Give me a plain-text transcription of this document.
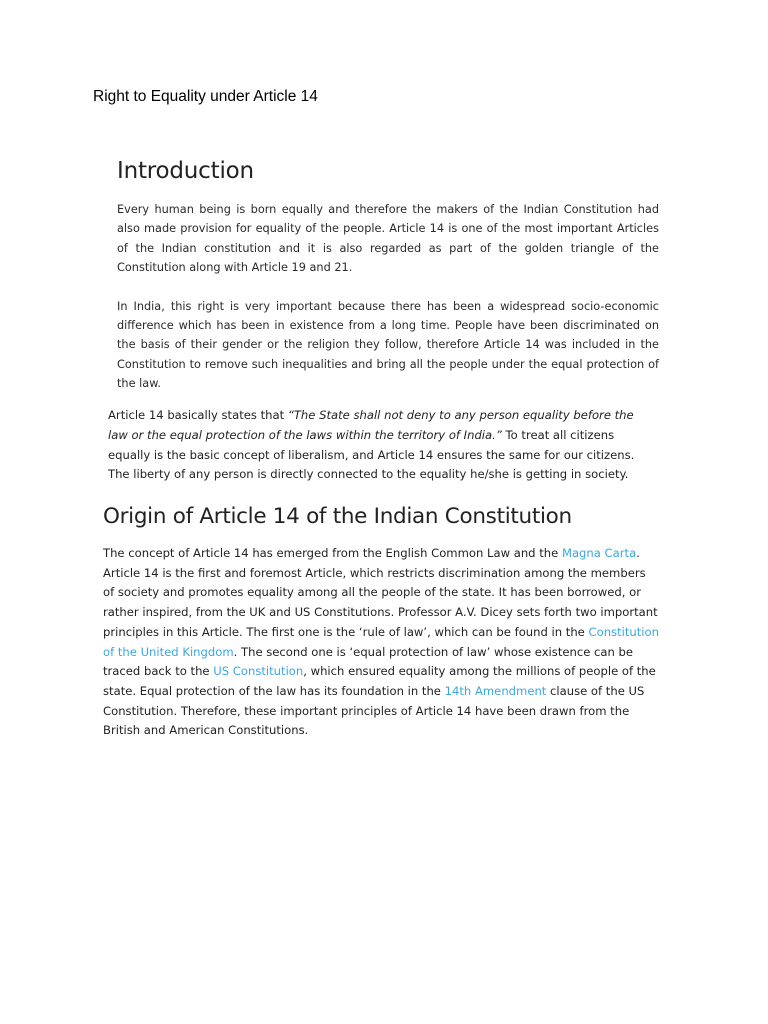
Right to Equality under Article 14
Introduction

Every human being is born equally and therefore the makers of the Indian Constitution had also made provision for equality of the people. Article 14 is one of the most important Articles of the Indian constitution and it is also regarded as part of the golden triangle of the Constitution along with Article 19 and 21.

In India, this right is very important because there has been a widespread socio-economic difference which has been in existence from a long time. People have been discriminated on the basis of their gender or the religion they follow, therefore Article 14 was included in the Constitution to remove such inequalities and bring all the people under the equal protection of the law.

Article 14 basically states that “The State shall not deny to any person equality before the law or the equal protection of the laws within the territory of India.” To treat all citizens equally is the basic concept of liberalism, and Article 14 ensures the same for our citizens. The liberty of any person is directly connected to the equality he/she is getting in society.

Origin of Article 14 of the Indian Constitution

The concept of Article 14 has emerged from the English Common Law and the Magna Carta. Article 14 is the first and foremost Article, which restricts discrimination among the members of society and promotes equality among all the people of the state. It has been borrowed, or rather inspired, from the UK and US Constitutions. Professor A.V. Dicey sets forth two important principles in this Article. The first one is the ‘rule of law’, which can be found in the Constitution of the United Kingdom. The second one is ‘equal protection of law’ whose existence can be traced back to the US Constitution, which ensured equality among the millions of people of the state. Equal protection of the law has its foundation in the 14th Amendment clause of the US Constitution. Therefore, these important principles of Article 14 have been drawn from the British and American Constitutions.
